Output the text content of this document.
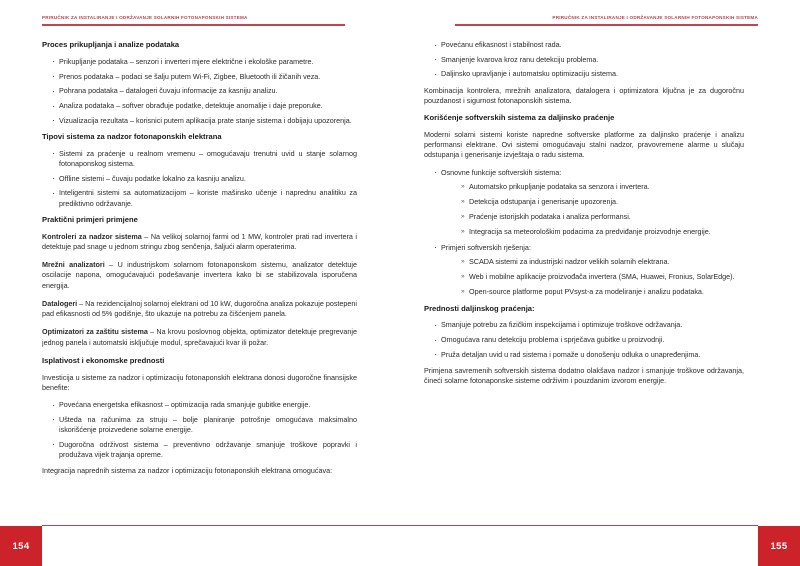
PRIRUČNIK ZA INSTALIRANJE I ODRŽAVANJE SOLARNIH FOTONAPONSKIH SISTEMA
Proces prikupljanja i analize podataka
· Prikupljanje podataka – senzori i inverteri mjere električne i ekološke parametre.
· Prenos podataka – podaci se šalju putem Wi-Fi, Zigbee, Bluetooth ili žičanih veza.
· Pohrana podataka – datalogeri čuvaju informacije za kasniju analizu.
· Analiza podataka – softver obrađuje podatke, detektuje anomalije i daje preporuke.
· Vizualizacija rezultata – korisnici putem aplikacija prate stanje sistema i dobijaju upozorenja.
Tipovi sistema za nadzor fotonaponskih elektrana
· Sistemi za praćenje u realnom vremenu – omogućavaju trenutni uvid u stanje solarnog fotonaponskog sistema.
· Offline sistemi – čuvaju podatke lokalno za kasniju analizu.
· Inteligentni sistemi sa automatizacijom – koriste mašinsko učenje i naprednu analitiku za prediktivno održavanje.
Praktični primjeri primjene

Kontroleri za nadzor sistema – Na velikoj solarnoj farmi od 1 MW, kontroler prati rad invertera i detektuje pad snage u jednom stringu zbog senčenja, šaljući alarm operaterima.

Mrežni analizatori – U industrijskom solarnom fotonaponskom sistemu, analizator detektuje oscilacije napona, omogućavajući podešavanje invertera kako bi se stabilizovala isporučena energija.

Datalogeri – Na rezidencijalnoj solarnoj elektrani od 10 kW, dugoročna analiza pokazuje postepeni pad efikasnosti od 5% godišnje, što ukazuje na potrebu za čišćenjem panela.

Optimizatori za zaštitu sistema – Na krovu poslovnog objekta, optimizator detektuje pregrevanje jednog panela i automatski isključuje modul, sprečavajući kvar ili požar.

Isplativost i ekonomske prednosti

Investicija u sisteme za nadzor i optimizaciju fotonaponskih elektrana donosi dugoročne finansijske benefite:

· Povećana energetska efikasnost – optimizacija rada smanjuje gubitke energije.
· Ušteda na računima za struju – bolje planiranje potrošnje omogućava maksimalno iskorišćenje proizvedene solarne energije.
· Dugoročna održivost sistema – preventivno održavanje smanjuje troškove popravki i produžava vijek trajanja opreme.

Integracija naprednih sistema za nadzor i optimizaciju fotonaponskih elektrana omogućava:

154
PRIRUČNIK ZA INSTALIRANJE I ODRŽAVANJE SOLARNIH FOTONAPONSKIH SISTEMA
· Povećanu efikasnost i stabilnost rada.
· Smanjenje kvarova kroz ranu detekciju problema.
· Daljinsko upravljanje i automatsku optimizaciju sistema.

Kombinacija kontrolera, mrežnih analizatora, datalogera i optimizatora ključna je za dugoročnu pouzdanost i sigurnost fotonaponskih sistema.

Korišćenje softverskih sistema za daljinsko praćenje

Moderni solarni sistemi koriste napredne softverske platforme za daljinsko praćenje i analizu performansi elektrane. Ovi sistemi omogućavaju stalni nadzor, pravovremene alarme u slučaju odstupanja i generisanje izvještaja o radu sistema.

· Osnovne funkcije softverskih sistema:
» Automatsko prikupljanje podataka sa senzora i invertera.
» Detekcija odstupanja i generisanje upozorenja.
» Praćenje istorijskih podataka i analiza performansi.
» Integracija sa meteorološkim podacima za predviđanje proizvodnje energije.
· Primjeri softverskih rješenja:
» SCADA sistemi za industrijski nadzor velikih solarnih elektrana.
» Web i mobilne aplikacije proizvođača invertera (SMA, Huawei, Fronius, SolarEdge).
» Open-source platforme poput PVsyst-a za modeliranje i analizu podataka.
Prednosti daljinskog praćenja:
· Smanjuje potrebu za fizičkim inspekcijama i optimizuje troškove održavanja.
· Omogućava ranu detekciju problema i sprječava gubitke u proizvodnji.
· Pruža detaljan uvid u rad sistema i pomaže u donošenju odluka o unapređenjima.

Primjena savremenih softverskih sistema dodatno olakšava nadzor i smanjuje troškove održavanja, čineći solarne fotonaponske sisteme održivim i pouzdanim izvorom energije.

155
